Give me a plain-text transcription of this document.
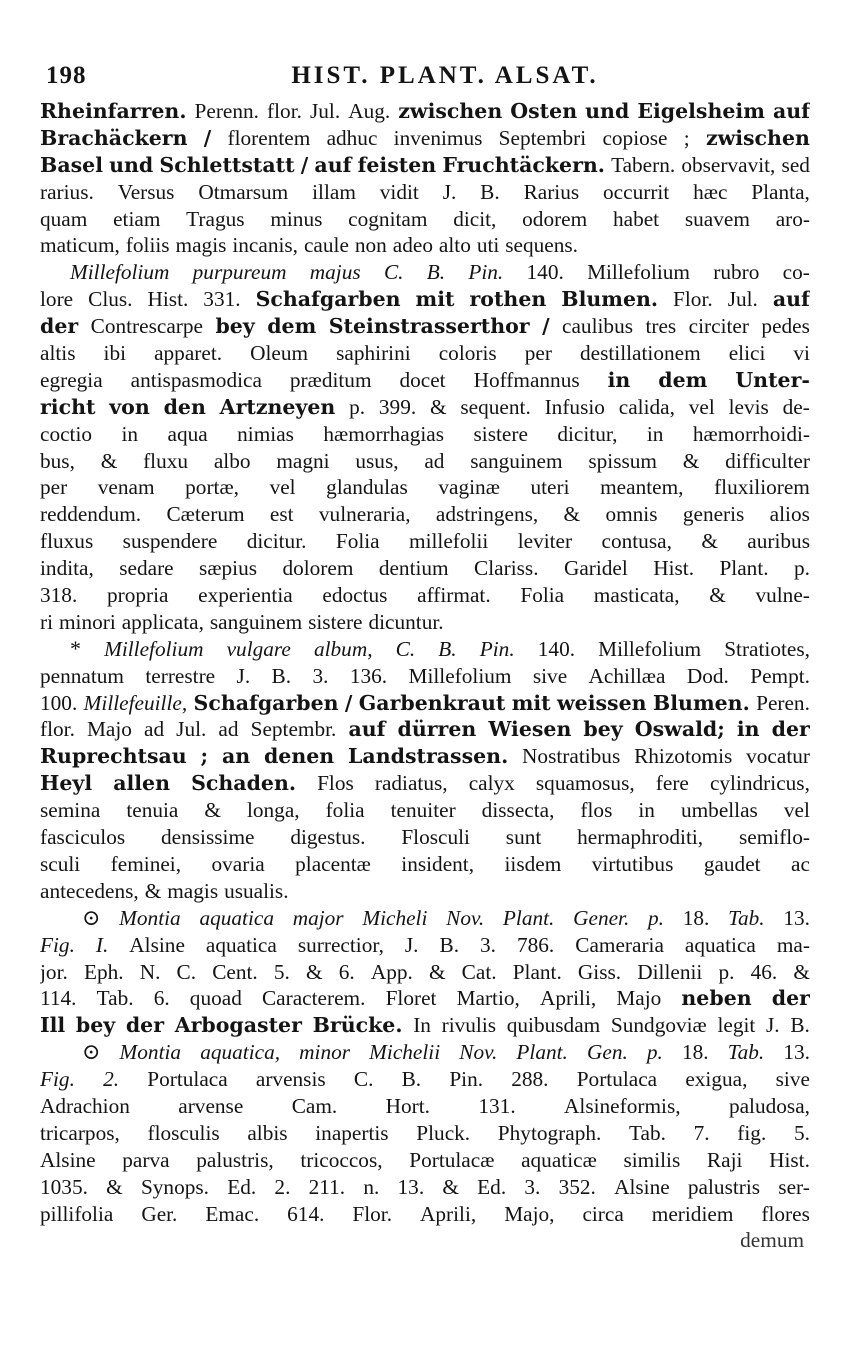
198	HIST. PLANT. ALSAT.
Rheinfarren. Perenn. flor. Jul. Aug. zwischen Osten und Eigelsheim auf
Brachäckern / florentem adhuc invenimus Septembri copiose ; zwischen
Basel und Schlettstatt / auf feisten Fruchtäckern. Tabern. observavit, sed
rarius. Versus Otmarsum illam vidit J. B. Rarius occurrit hæc Planta,
quam etiam Tragus minus cognitam dicit, odorem habet suavem aro-
maticum, foliis magis incanis, caule non adeo alto uti sequens.
Millefolium purpureum majus C. B. Pin. 140. Millefolium rubro co-
lore Clus. Hist. 331. Schafgarben mit rothen Blumen. Flor. Jul. auf
der Contrescarpe bey dem Steinstrasserthor / caulibus tres circiter pedes
altis ibi apparet. Oleum saphirini coloris per destillationem elici vi
egregia antispasmodica præditum docet Hoffmannus in dem Unter-
richt von den Artzneyen p. 399. & sequent. Infusio calida, vel levis de-
coctio in aqua nimias hæmorrhagias sistere dicitur, in hæmorrhoidi-
bus, & fluxu albo magni usus, ad sanguinem spissum & difficulter
per venam portæ, vel glandulas vaginæ uteri meantem, fluxiliorem
reddendum. Cæterum est vulneraria, adstringens, & omnis generis alios
fluxus suspendere dicitur. Folia millefolii leviter contusa, & auribus
indita, sedare sæpius dolorem dentium Clariss. Garidel Hist. Plant. p.
318. propria experientia edoctus affirmat. Folia masticata, & vulne-
ri minori applicata, sanguinem sistere dicuntur.
* Millefolium vulgare album, C. B. Pin. 140. Millefolium Stratiotes,
pennatum terrestre J. B. 3. 136. Millefolium sive Achillæa Dod. Pempt.
100. Millefeuille, Schafgarben / Garbenkraut mit weissen Blumen. Peren.
flor. Majo ad Jul. ad Septembr. auf dürren Wiesen bey Oswald; in der
Ruprechtsau ; an denen Landstrassen. Nostratibus Rhizotomis vocatur
Heyl allen Schaden. Flos radiatus, calyx squamosus, fere cylindricus,
semina tenuia & longa, folia tenuiter dissecta, flos in umbellas vel
fasciculos densissime digestus. Flosculi sunt hermaphroditi, semiflo-
sculi feminei, ovaria placentæ insident, iisdem virtutibus gaudet ac
antecedens, & magis usualis.
⊙ Montia aquatica major Micheli Nov. Plant. Gener. p. 18. Tab. 13.
Fig. I. Alsine aquatica surrectior, J. B. 3. 786. Cameraria aquatica ma-
jor. Eph. N. C. Cent. 5. & 6. App. & Cat. Plant. Giss. Dillenii p. 46. &
114. Tab. 6. quoad Caracterem. Floret Martio, Aprili, Majo neben der
Ill bey der Arbogaster Brücke. In rivulis quibusdam Sundgoviæ legit J. B.
⊙ Montia aquatica, minor Michelii Nov. Plant. Gen. p. 18. Tab. 13.
Fig. 2. Portulaca arvensis C. B. Pin. 288. Portulaca exigua, sive
Adrachion arvense Cam. Hort. 131. Alsineformis, paludosa,
tricarpos, flosculis albis inapertis Pluck. Phytograph. Tab. 7. fig. 5.
Alsine parva palustris, tricoccos, Portulacæ aquaticæ similis Raji Hist.
1035. & Synops. Ed. 2. 211. n. 13. & Ed. 3. 352. Alsine palustris ser-
pillifolia Ger. Emac. 614. Flor. Aprili, Majo, circa meridiem flores
demum
